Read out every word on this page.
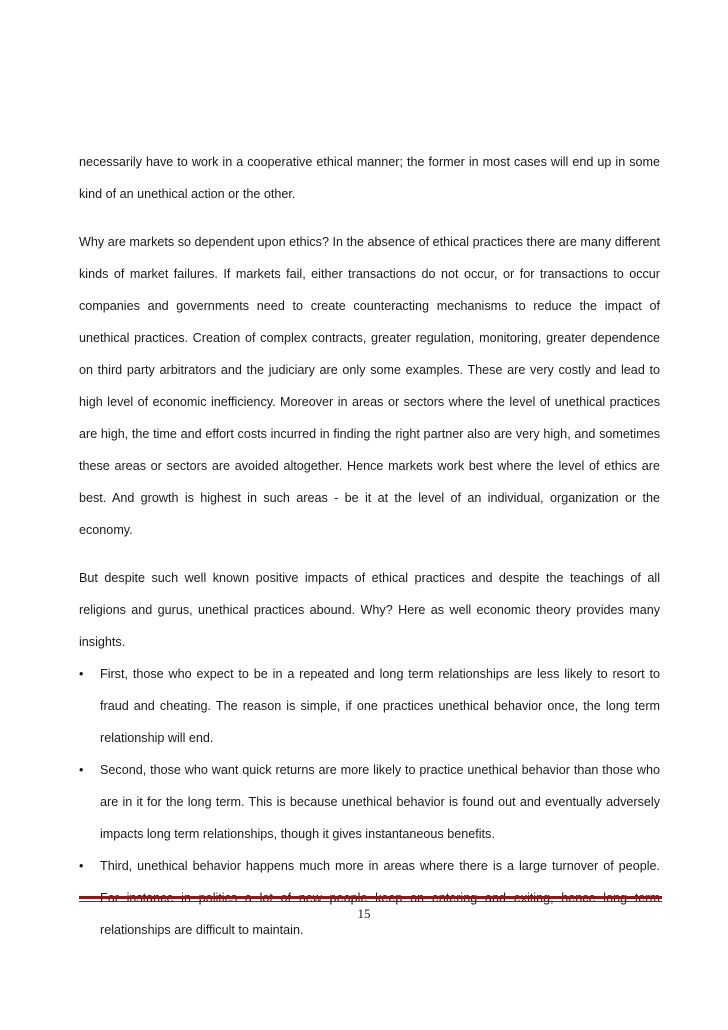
necessarily have to work in a cooperative ethical manner; the former in most cases will end up in some kind of an unethical action or the other.

Why are markets so dependent upon ethics? In the absence of ethical practices there are many different kinds of market failures. If markets fail, either transactions do not occur, or for transactions to occur companies and governments need to create counteracting mechanisms to reduce the impact of unethical practices. Creation of complex contracts, greater regulation, monitoring, greater dependence on third party arbitrators and the judiciary are only some examples. These are very costly and lead to high level of economic inefficiency. Moreover in areas or sectors where the level of unethical practices are high, the time and effort costs incurred in finding the right partner also are very high, and sometimes these areas or sectors are avoided altogether. Hence markets work best where the level of ethics are best. And growth is highest in such areas - be it at the level of an individual, organization or the economy.

But despite such well known positive impacts of ethical practices and despite the teachings of all religions and gurus, unethical practices abound. Why? Here as well economic theory provides many insights.

• First, those who expect to be in a repeated and long term relationships are less likely to resort to fraud and cheating. The reason is simple, if one practices unethical behavior once, the long term relationship will end.
• Second, those who want quick returns are more likely to practice unethical behavior than those who are in it for the long term. This is because unethical behavior is found out and eventually adversely impacts long term relationships, though it gives instantaneous benefits.
• Third, unethical behavior happens much more in areas where there is a large turnover of people. relationships are difficult to maintain.
15
